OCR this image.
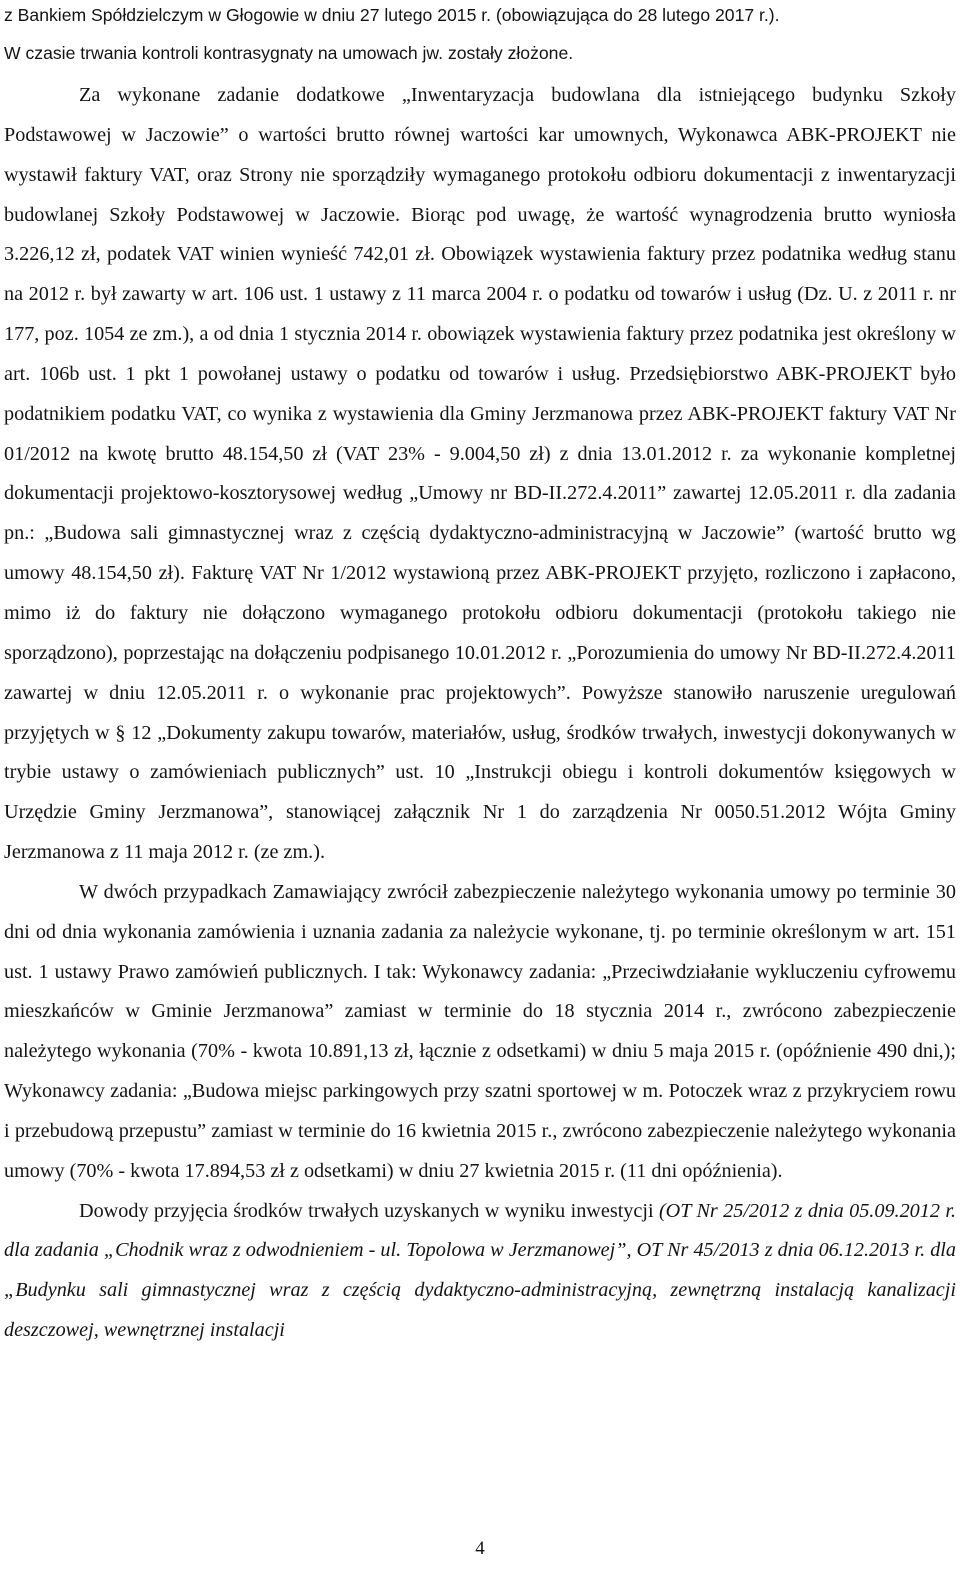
z Bankiem Spółdzielczym w Głogowie w dniu 27 lutego 2015 r. (obowiązująca do 28 lutego 2017 r.).
W czasie trwania kontroli kontrasygnaty na umowach jw. zostały złożone.

Za wykonane zadanie dodatkowe „Inwentaryzacja budowlana dla istniejącego budynku Szkoły Podstawowej w Jaczowie” o wartości brutto równej wartości kar umownych, Wykonawca ABK-PROJEKT nie wystawił faktury VAT, oraz Strony nie sporządziły wymaganego protokołu odbioru dokumentacji z inwentaryzacji budowlanej Szkoły Podstawowej w Jaczowie. Biorąc pod uwagę, że wartość wynagrodzenia brutto wyniosła 3.226,12 zł, podatek VAT winien wynieść 742,01 zł. Obowiązek wystawienia faktury przez podatnika według stanu na 2012 r. był zawarty w art. 106 ust. 1 ustawy z 11 marca 2004 r. o podatku od towarów i usług (Dz. U. z 2011 r. nr 177, poz. 1054 ze zm.), a od dnia 1 stycznia 2014 r. obowiązek wystawienia faktury przez podatnika jest określony w art. 106b ust. 1 pkt 1 powołanej ustawy o podatku od towarów i usług. Przedsiębiorstwo ABK-PROJEKT było podatnikiem podatku VAT, co wynika z wystawienia dla Gminy Jerzmanowa przez ABK-PROJEKT faktury VAT Nr 01/2012 na kwotę brutto 48.154,50 zł (VAT 23% - 9.004,50 zł) z dnia 13.01.2012 r. za wykonanie kompletnej dokumentacji projektowo-kosztorysowej według „Umowy nr BD-II.272.4.2011” zawartej 12.05.2011 r. dla zadania pn.: „Budowa sali gimnastycznej wraz z częścią dydaktyczno-administracyjną w Jaczowie” (wartość brutto wg umowy 48.154,50 zł). Fakturę VAT Nr 1/2012 wystawioną przez ABK-PROJEKT przyjęto, rozliczono i zapłacono, mimo iż do faktury nie dołączono wymaganego protokołu odbioru dokumentacji (protokołu takiego nie sporządzono), poprzestając na dołączeniu podpisanego 10.01.2012 r. „Porozumienia do umowy Nr BD-II.272.4.2011 zawartej w dniu 12.05.2011 r. o wykonanie prac projektowych”. Powyższe stanowiło naruszenie uregulowań przyjętych w § 12 „Dokumenty zakupu towarów, materiałów, usług, środków trwałych, inwestycji dokonywanych w trybie ustawy o zamówieniach publicznych” ust. 10 „Instrukcji obiegu i kontroli dokumentów księgowych w Urzędzie Gminy Jerzmanowa”, stanowiącej załącznik Nr 1 do zarządzenia Nr 0050.51.2012 Wójta Gminy Jerzmanowa z 11 maja 2012 r. (ze zm.).

W dwóch przypadkach Zamawiający zwrócił zabezpieczenie należytego wykonania umowy po terminie 30 dni od dnia wykonania zamówienia i uznania zadania za należycie wykonane, tj. po terminie określonym w art. 151 ust. 1 ustawy Prawo zamówień publicznych. I tak: Wykonawcy zadania: „Przeciwdziałanie wykluczeniu cyfrowemu mieszkańców w Gminie Jerzmanowa” zamiast w terminie do 18 stycznia 2014 r., zwrócono zabezpieczenie należytego wykonania (70% - kwota 10.891,13 zł, łącznie z odsetkami) w dniu 5 maja 2015 r. (opóźnienie 490 dni,); Wykonawcy zadania: „Budowa miejsc parkingowych przy szatni sportowej w m. Potoczek wraz z przykryciem rowu i przebudową przepustu” zamiast w terminie do 16 kwietnia 2015 r., zwrócono zabezpieczenie należytego wykonania umowy (70% - kwota 17.894,53 zł z odsetkami) w dniu 27 kwietnia 2015 r. (11 dni opóźnienia).

Dowody przyjęcia środków trwałych uzyskanych w wyniku inwestycji (OT Nr 25/2012 z dnia 05.09.2012 r. dla zadania „Chodnik wraz z odwodnieniem - ul. Topolowa w Jerzmanowej”, OT Nr 45/2013 z dnia 06.12.2013 r. dla „Budynku sali gimnastycznej wraz z częścią dydaktyczno-administracyjną, zewnętrzną instalacją kanalizacji deszczowej, wewnętrznej instalacji

4
